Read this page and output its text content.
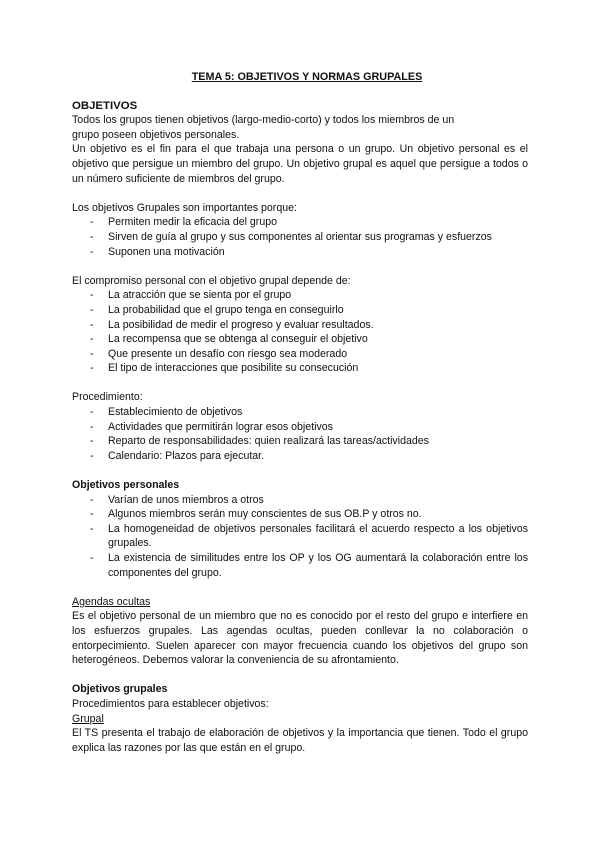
TEMA 5: OBJETIVOS Y NORMAS GRUPALES
OBJETIVOS

Todos los grupos tienen objetivos (largo-medio-corto) y todos los miembros de un

grupo poseen objetivos personales.

Un objetivo es el fin para el que trabaja una persona o un grupo. Un objetivo personal es el objetivo que persigue un miembro del grupo. Un objetivo grupal es aquel que persigue a todos o un número suficiente de miembros del grupo.

Los objetivos Grupales son importantes porque:

- Permiten medir la eficacia del grupo
- Sirven de guía al grupo y sus componentes al orientar sus programas y esfuerzos
- Suponen una motivación

El compromiso personal con el objetivo grupal depende de:

- La atracción que se sienta por el grupo
- La probabilidad que el grupo tenga en conseguirlo
- La posibilidad de medir el progreso y evaluar resultados.
- La recompensa que se obtenga al conseguir el objetivo
- Que presente un desafío con riesgo sea moderado
- El tipo de interacciones que posibilite su consecución

Procedimiento:

- Establecimiento de objetivos
- Actividades que permitirán lograr esos objetivos
- Reparto de responsabilidades: quien realizará las tareas/actividades
- Calendario: Plazos para ejecutar.
Objetivos personales
- Varían de unos miembros a otros
- Algunos miembros serán muy conscientes de sus OB.P y otros no.
- La homogeneidad de objetivos personales facilitará el acuerdo respecto a los objetivos grupales.
- La existencia de similitudes entre los OP y los OG aumentará la colaboración entre los componentes del grupo.

Agendas ocultas

Es el objetivo personal de un miembro que no es conocido por el resto del grupo e interfiere en los esfuerzos grupales. Las agendas ocultas, pueden conllevar la no colaboración o entorpecimiento. Suelen aparecer con mayor frecuencia cuando los objetivos del grupo son heterogéneos. Debemos valorar la conveniencia de su afrontamiento.

Objetivos grupales

Procedimientos para establecer objetivos:

Grupal

El TS presenta el trabajo de elaboración de objetivos y la importancia que tienen. Todo el grupo explica las razones por las que están en el grupo.
